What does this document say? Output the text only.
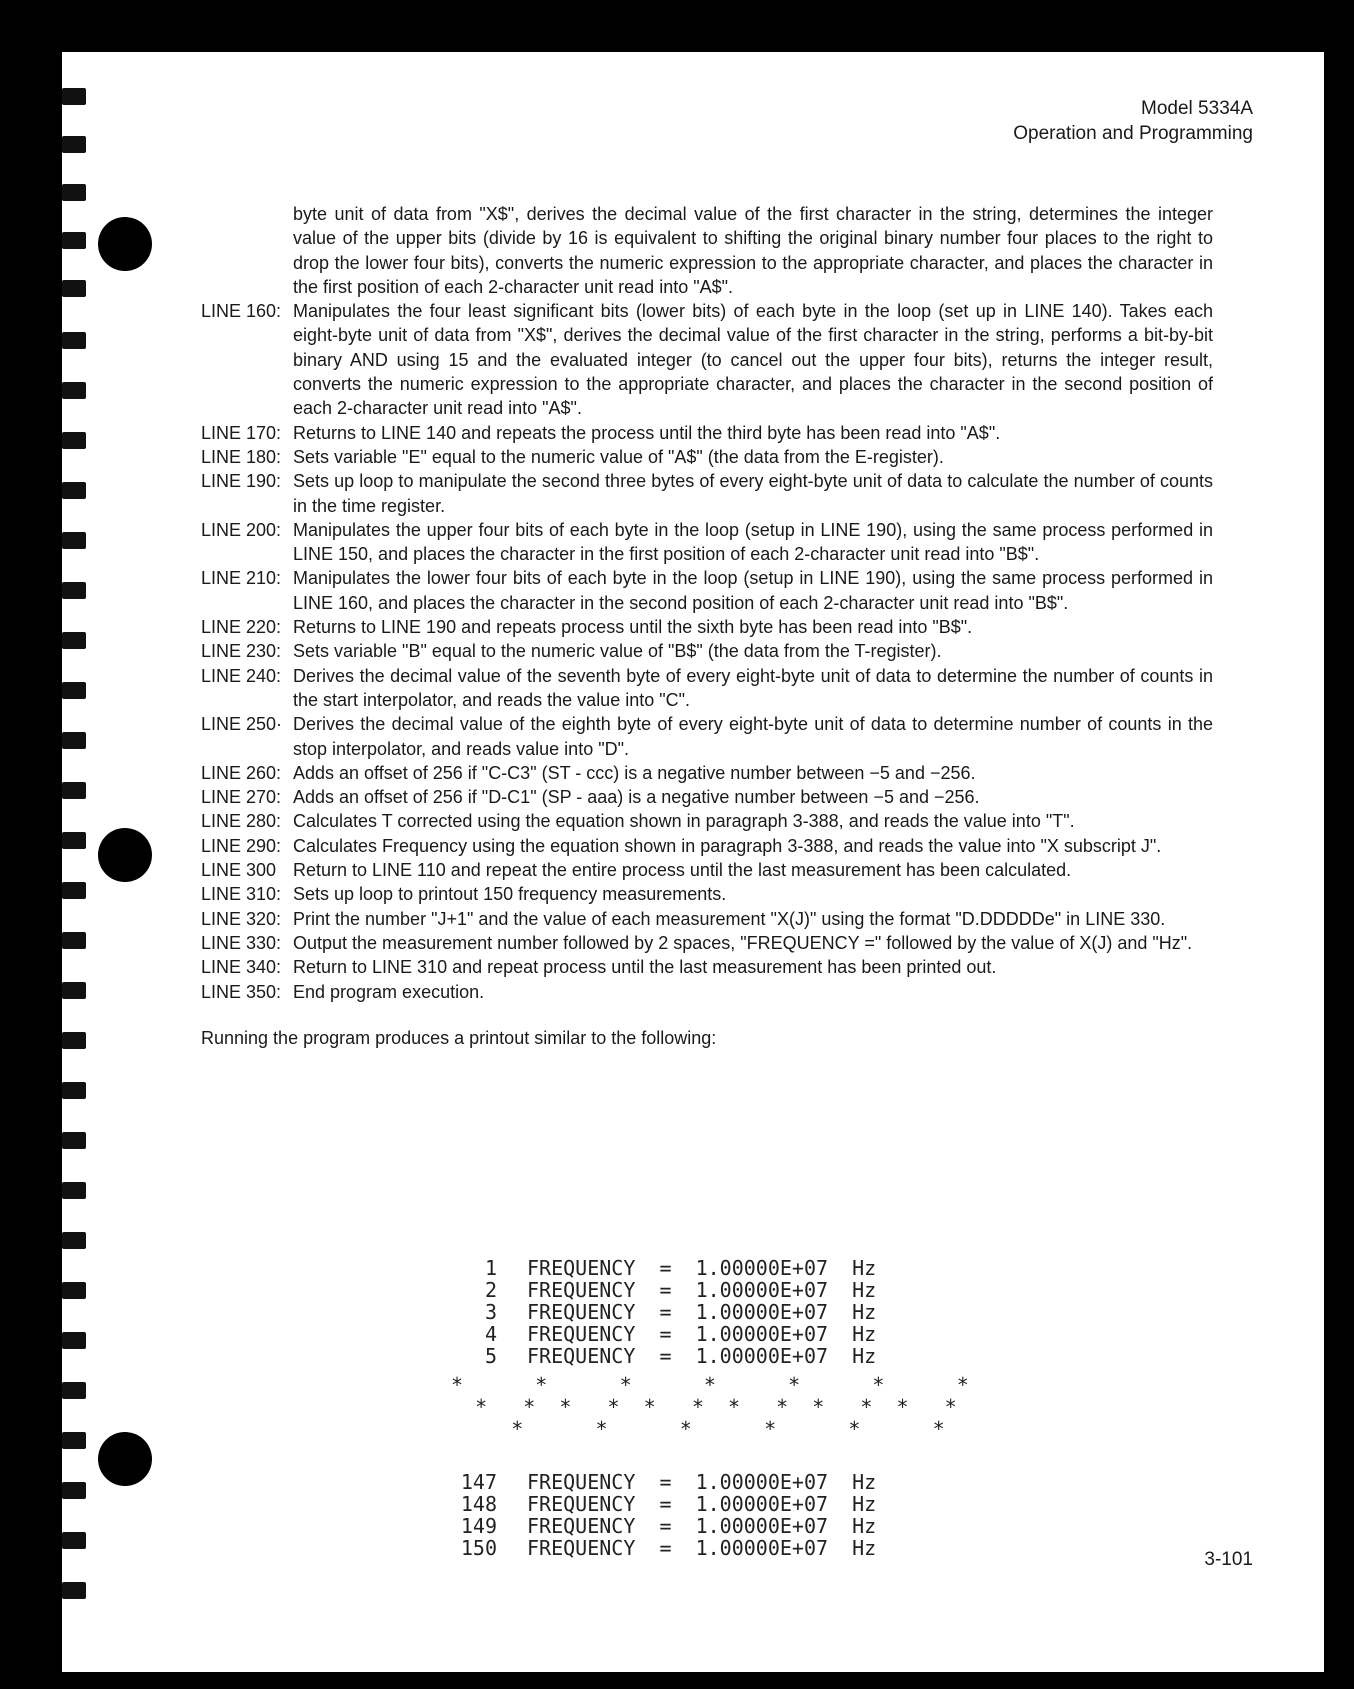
Model 5334A
Operation and Programming
byte unit of data from "X$", derives the decimal value of the first character in the string, determines the integer value of the upper bits (divide by 16 is equivalent to shifting the original binary number four places to the right to drop the lower four bits), converts the numeric expression to the appropriate character, and places the character in the first position of each 2-character unit read into "A$".
LINE 160: Manipulates the four least significant bits (lower bits) of each byte in the loop (set up in LINE 140). Takes each eight-byte unit of data from "X$", derives the decimal value of the first character in the string, performs a bit-by-bit binary AND using 15 and the evaluated integer (to cancel out the upper four bits), returns the integer result, converts the numeric expression to the appropriate character, and places the character in the second position of each 2-character unit read into "A$".
LINE 170: Returns to LINE 140 and repeats the process until the third byte has been read into "A$".
LINE 180: Sets variable "E" equal to the numeric value of "A$" (the data from the E-register).
LINE 190: Sets up loop to manipulate the second three bytes of every eight-byte unit of data to calculate the number of counts in the time register.
LINE 200: Manipulates the upper four bits of each byte in the loop (setup in LINE 190), using the same process performed in LINE 150, and places the character in the first position of each 2-character unit read into "B$".
LINE 210: Manipulates the lower four bits of each byte in the loop (setup in LINE 190), using the same process performed in LINE 160, and places the character in the second position of each 2-character unit read into "B$".
LINE 220: Returns to LINE 190 and repeats process until the sixth byte has been read into "B$".
LINE 230: Sets variable "B" equal to the numeric value of "B$" (the data from the T-register).
LINE 240: Derives the decimal value of the seventh byte of every eight-byte unit of data to determine the number of counts in the start interpolator, and reads the value into "C".
LINE 250· Derives the decimal value of the eighth byte of every eight-byte unit of data to determine number of counts in the stop interpolator, and reads value into "D".
LINE 260: Adds an offset of 256 if "C-C3" (ST - ccc) is a negative number between −5 and −256.
LINE 270: Adds an offset of 256 if "D-C1" (SP - aaa) is a negative number between −5 and −256.
LINE 280: Calculates T corrected using the equation shown in paragraph 3-388, and reads the value into "T".
LINE 290: Calculates Frequency using the equation shown in paragraph 3-388, and reads the value into "X subscript J".
LINE 300 Return to LINE 110 and repeat the entire process until the last measurement has been calculated.
LINE 310: Sets up loop to printout 150 frequency measurements.
LINE 320: Print the number "J+1" and the value of each measurement "X(J)" using the format "D.DDDDDe" in LINE 330.
LINE 330: Output the measurement number followed by 2 spaces, "FREQUENCY =" followed by the value of X(J) and "Hz".
LINE 340: Return to LINE 310 and repeat process until the last measurement has been printed out.
LINE 350: End program execution.
Running the program produces a printout similar to the following:
1 FREQUENCY  =  1.00000E+07  Hz
2 FREQUENCY  =  1.00000E+07  Hz
3 FREQUENCY  =  1.00000E+07  Hz
4 FREQUENCY  =  1.00000E+07  Hz
5 FREQUENCY  =  1.00000E+07  Hz
*      *      *      *      *      *      *
*   *  *   *  *   *  *   *  *   *  *   *
*      *      *      *      *      *
147 FREQUENCY  =  1.00000E+07  Hz
148 FREQUENCY  =  1.00000E+07  Hz
149 FREQUENCY  =  1.00000E+07  Hz
150 FREQUENCY  =  1.00000E+07  Hz	3-101
